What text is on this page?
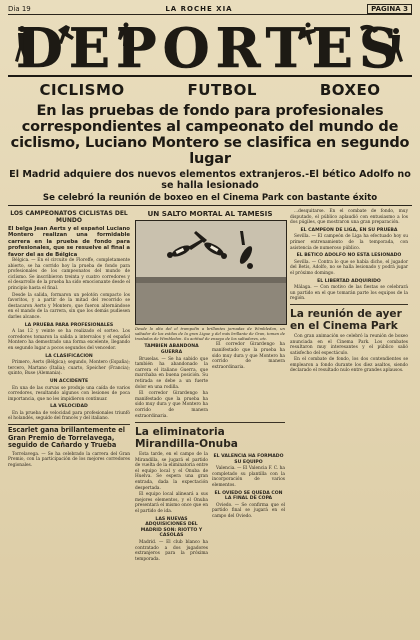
Dia 19	LA ROCHE XIA	PAGINA 3
DEPORTES
CICLISMO	FUTBOL	BOXEO
En las pruebas de fondo para profesionales correspondientes al campeonato del mundo de ciclismo, Luciano Montero se clasifica en segundo lugar
El Madrid adquiere dos nuevos elementos extranjeros.-El bético Adolfo no se halla lesionado
Se celebró la reunión de boxeo en el Cinema Park con bastante éxito
LOS CAMPEONATOS CICLISTAS DEL MUNDO
El belga Jean Aerts y el español Luciano Montero realizan una formidable carrera en la prueba de fondo para profesionales, que se resuelve al final a favor del as de Bélgica

Bélgica. — En el circuito de Floreffe, completamente abierto, se ha corrido hoy la prueba de fondo para profesionales de los campeonatos del mundo de ciclismo. Se inscribieron treinta y cuatro corredores y el desarrollo de la prueba ha sido emocionante desde el principio hasta el final.

Desde la salida, formaron un pelotón compacto los favoritos, y a partir de la mitad del recorrido se destacaron Aerts y Montero, que fueron alternándose en el mando de la carrera, sin que los demás pudiesen darles alcance.

LA PRUEBA PARA PROFESIONALES

A las 12 y veinte se ha realizado el sorteo. Los corredores tomaron la salida a intervalos y el español Montero ha demostrado una forma excelente, llegando en segundo lugar a pocos segundos del vencedor.

LA CLASIFICACION

Primero, Aerts (Bélgica); segundo, Montero (España); tercero, Martano (Italia); cuarto, Speicher (Francia); quinto, Buse (Alemania).

UN ACCIDENTE

En una de las curvas se produjo una caída de varios corredores, resultando algunos con lesiones de poca importancia, que no les impidieron continuar.

LA VELOCIDAD

En la prueba de velocidad para profesionales triunfó el holandés, seguido del francés y del italiano.

Escarlet gana brillantemente el Gran Premio de Torrelavega, seguido de Cañardo y Trueba

Torrelavega. — Se ha celebrado la carrera del Gran Premio, con la participación de los mejores corredores regionales.

UN SALTO MORTAL AL TAMESIS
Desde lo alto del el trampolín a brillantes jornadas de Wimbledon, un saltador de los estilos de la gran Ligue y del más brillante de Gran, toman de traslados de Wimbledon. Su actitud de ensayo de los saltadores, etc.
TAMBIEN ABANDONA GUERRA

Bruselas. — Se ha sabido que también ha abandonado la carrera el italiano Guerra, que marchaba en buena posición. Su retirada se debe a un fuerte dolor en una rodilla.

El corredor Girardengo ha manifestado que la prueba ha sido muy dura y que Montero ha corrido de manera extraordinaria.

El corredor Girardengo ha manifestado que la prueba ha sido muy dura y que Montero ha corrido de manera extraordinaria.

La eliminatoria Mirandilla-Onuba

Esta tarde, en el campo de la Mirandilla, se jugará el partido de vuelta de la eliminatoria entre el equipo local y el Onuba de Huelva. Se espera una gran entrada, dada la expectación despertada.

El equipo local alineará a sus mejores elementos, y el Onuba presentará el mismo once que en el partido de ida.

LAS NUEVAS ADQUISICIONES DEL MADRID SON: RIOTTO Y CASOLAS

Madrid. — El club blanco ha contratado a dos jugadores extranjeros para la próxima temporada.

EL VALENCIA HA FORMADO SU EQUIPO

Valencia. — El Valencia F. C. ha completado su plantilla con la incorporación de varios elementos.

EL OVIEDO SE QUEDA CON LA FINAL DE COPA

Oviedo. — Se confirma que el partido final se jugará en el campo del Oviedo.

...desquitarse. En el combate de fondo, muy disputado, el público aplaudió con entusiasmo a los dos púgiles, que mostraron una gran preparación.

EL CAMPEON DE LIGA, EN SU PRUEBA

Sevilla. — El campeón de Liga ha efectuado hoy su primer entrenamiento de la temporada, con asistencia de numeroso público.

EL BETICO ADOLFO NO ESTA LESIONADO

Sevilla. — Contra lo que se había dicho, el jugador del Betis, Adolfo, no se halla lesionado y podrá jugar el próximo domingo.

EL LIBERTAD ADQUIRIDO

Málaga. — Con motivo de las fiestas se celebrará un partido en el que tomarán parte los equipos de la región.

La reunión de ayer en el Cinema Park

Con gran animación se celebró la reunión de boxeo anunciada en el Cinema Park. Los combates resultaron muy interesantes y el público salió satisfecho del espectáculo.

En el combate de fondo, los dos contendientes se emplearon a fondo durante los diez asaltos, siendo declarado el resultado nulo entre grandes aplausos.
